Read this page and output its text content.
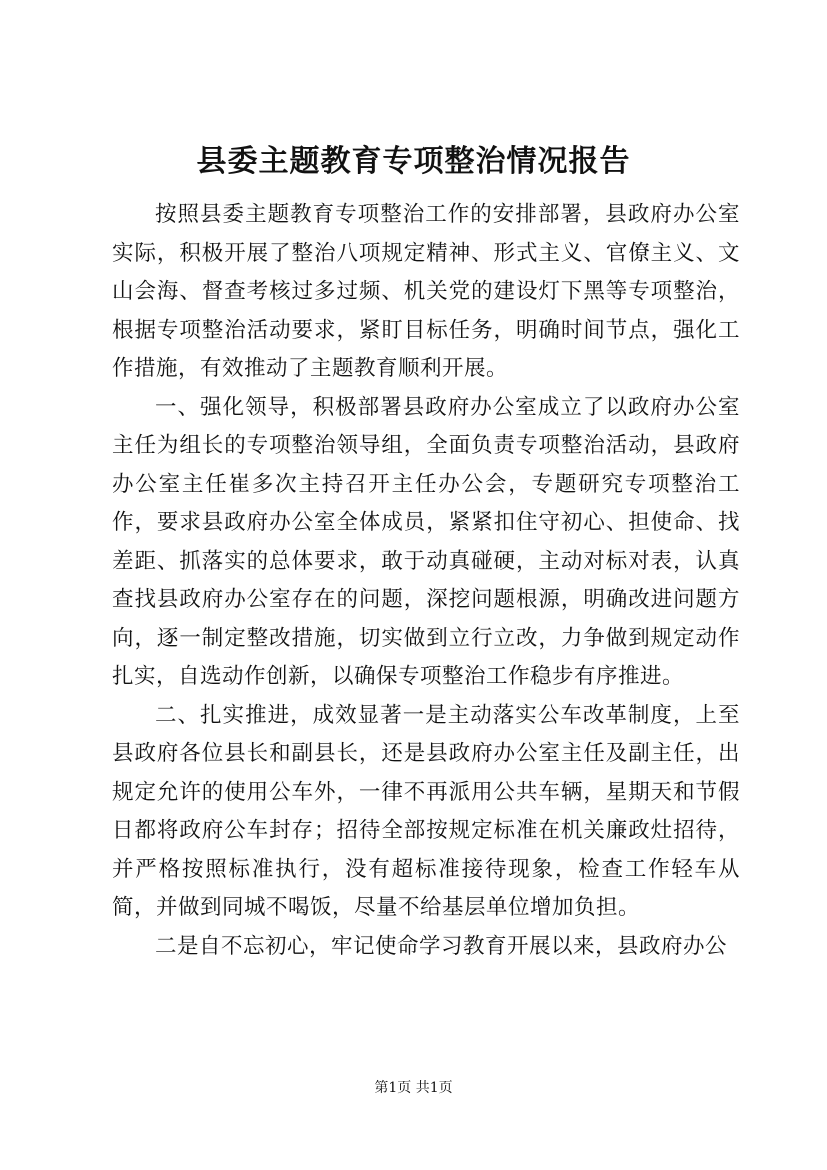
县委主题教育专项整治情况报告

按照县委主题教育专项整治工作的安排部署，县政府办公室实际，积极开展了整治八项规定精神、形式主义、官僚主义、文山会海、督查考核过多过频、机关党的建设灯下黑等专项整治，根据专项整治活动要求，紧盯目标任务，明确时间节点，强化工作措施，有效推动了主题教育顺利开展。

一、强化领导，积极部署县政府办公室成立了以政府办公室主任为组长的专项整治领导组，全面负责专项整治活动，县政府办公室主任崔多次主持召开主任办公会，专题研究专项整治工作，要求县政府办公室全体成员，紧紧扣住守初心、担使命、找差距、抓落实的总体要求，敢于动真碰硬，主动对标对表，认真查找县政府办公室存在的问题，深挖问题根源，明确改进问题方向，逐一制定整改措施，切实做到立行立改，力争做到规定动作扎实，自选动作创新，以确保专项整治工作稳步有序推进。

二、扎实推进，成效显著一是主动落实公车改革制度，上至县政府各位县长和副县长，还是县政府办公室主任及副主任，出规定允许的使用公车外，一律不再派用公共车辆，星期天和节假日都将政府公车封存；招待全部按规定标准在机关廉政灶招待，并严格按照标准执行，没有超标准接待现象，检查工作轻车从简，并做到同城不喝饭，尽量不给基层单位增加负担。

二是自不忘初心，牢记使命学习教育开展以来，县政府办公

第1页 共1页
